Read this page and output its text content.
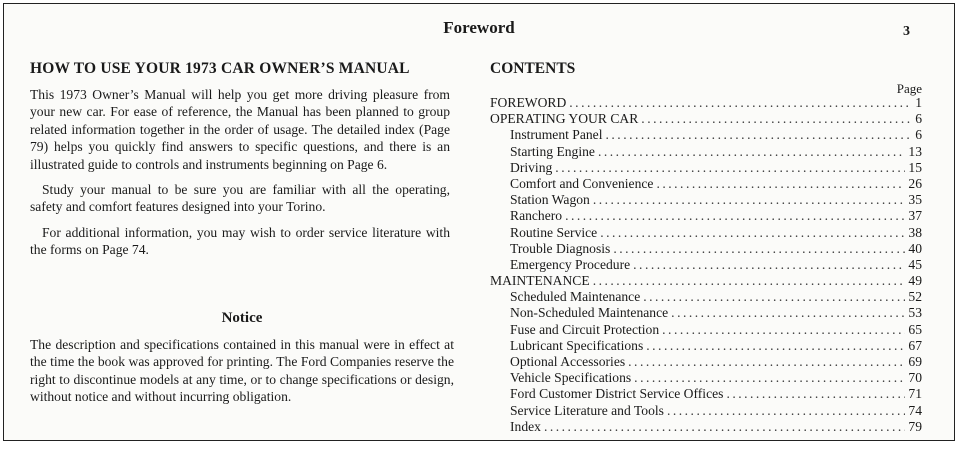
Foreword	3
HOW TO USE YOUR 1973 CAR OWNER’S MANUAL

This 1973 Owner’s Manual will help you get more driving pleasure from your new car. For ease of reference, the Manual has been planned to group related information together in the order of usage. The detailed index (Page 79) helps you quickly find answers to specific questions, and there is an illustrated guide to controls and instruments beginning on Page 6.

Study your manual to be sure you are familiar with all the operating, safety and comfort features designed into your Torino.

For additional information, you may wish to order service literature with the forms on Page 74.

Notice
The description and specifications contained in this manual were in effect at the time the book was approved for printing. The Ford Companies reserve the right to discontinue models at any time, or to change specifications or design, without notice and without incurring obligation.
CONTENTS
Page
FOREWORD .....	1
OPERATING YOUR CAR .....	6
Instrument Panel .....	6
Starting Engine .....	13
Driving .....	15
Comfort and Convenience .....	26
Station Wagon .....	35
Ranchero .....	37
Routine Service .....	38
Trouble Diagnosis .....	40
Emergency Procedure .....	45
MAINTENANCE .....	49
Scheduled Maintenance .....	52
Non-Scheduled Maintenance .....	53
Fuse and Circuit Protection .....	65
Lubricant Specifications .....	67
Optional Accessories .....	69
Vehicle Specifications .....	70
Ford Customer District Service Offices .....	71
Service Literature and Tools .....	74
Index .....	79
